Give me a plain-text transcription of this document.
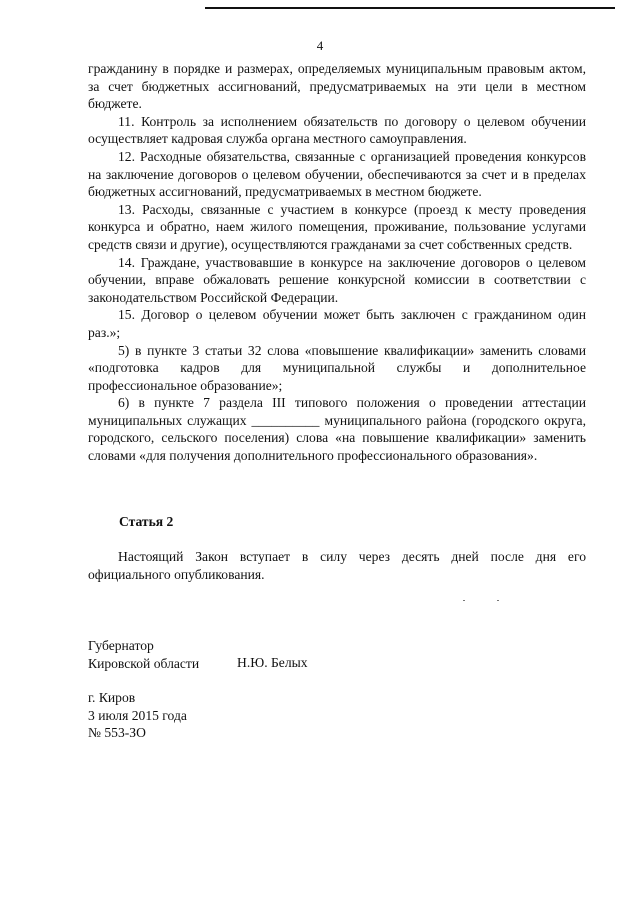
4

гражданину в порядке и размерах, определяемых муниципальным правовым актом, за счет бюджетных ассигнований, предусматриваемых на эти цели в местном бюджете.

11. Контроль за исполнением обязательств по договору о целевом обучении осуществляет кадровая служба органа местного самоуправления.

12. Расходные обязательства, связанные с организацией проведения конкурсов на заключение договоров о целевом обучении, обеспечиваются за счет и в пределах бюджетных ассигнований, предусматриваемых в местном бюджете.

13. Расходы, связанные с участием в конкурсе (проезд к месту проведения конкурса и обратно, наем жилого помещения, проживание, пользование услугами средств связи и другие), осуществляются гражданами за счет собственных средств.

14. Граждане, участвовавшие в конкурсе на заключение договоров о целевом обучении, вправе обжаловать решение конкурсной комиссии в соответствии с законодательством Российской Федерации.

15. Договор о целевом обучении может быть заключен с гражданином один раз.»;

5) в пункте 3 статьи 32 слова «повышение квалификации» заменить словами «подготовка кадров для муниципальной службы и дополнительное профессиональное образование»;

6) в пункте 7 раздела III типового положения о проведении аттестации муниципальных служащих __________ муниципального района (городского округа, городского, сельского поселения) слова «на повышение квалификации» заменить словами «для получения дополнительного профессионального образования».

Статья 2

Настоящий Закон вступает в силу через десять дней после дня его официального опубликования.

Губернатор
Кировской области	Н.Ю. Белых
г. Киров
3 июля 2015 года
№ 553-ЗО
